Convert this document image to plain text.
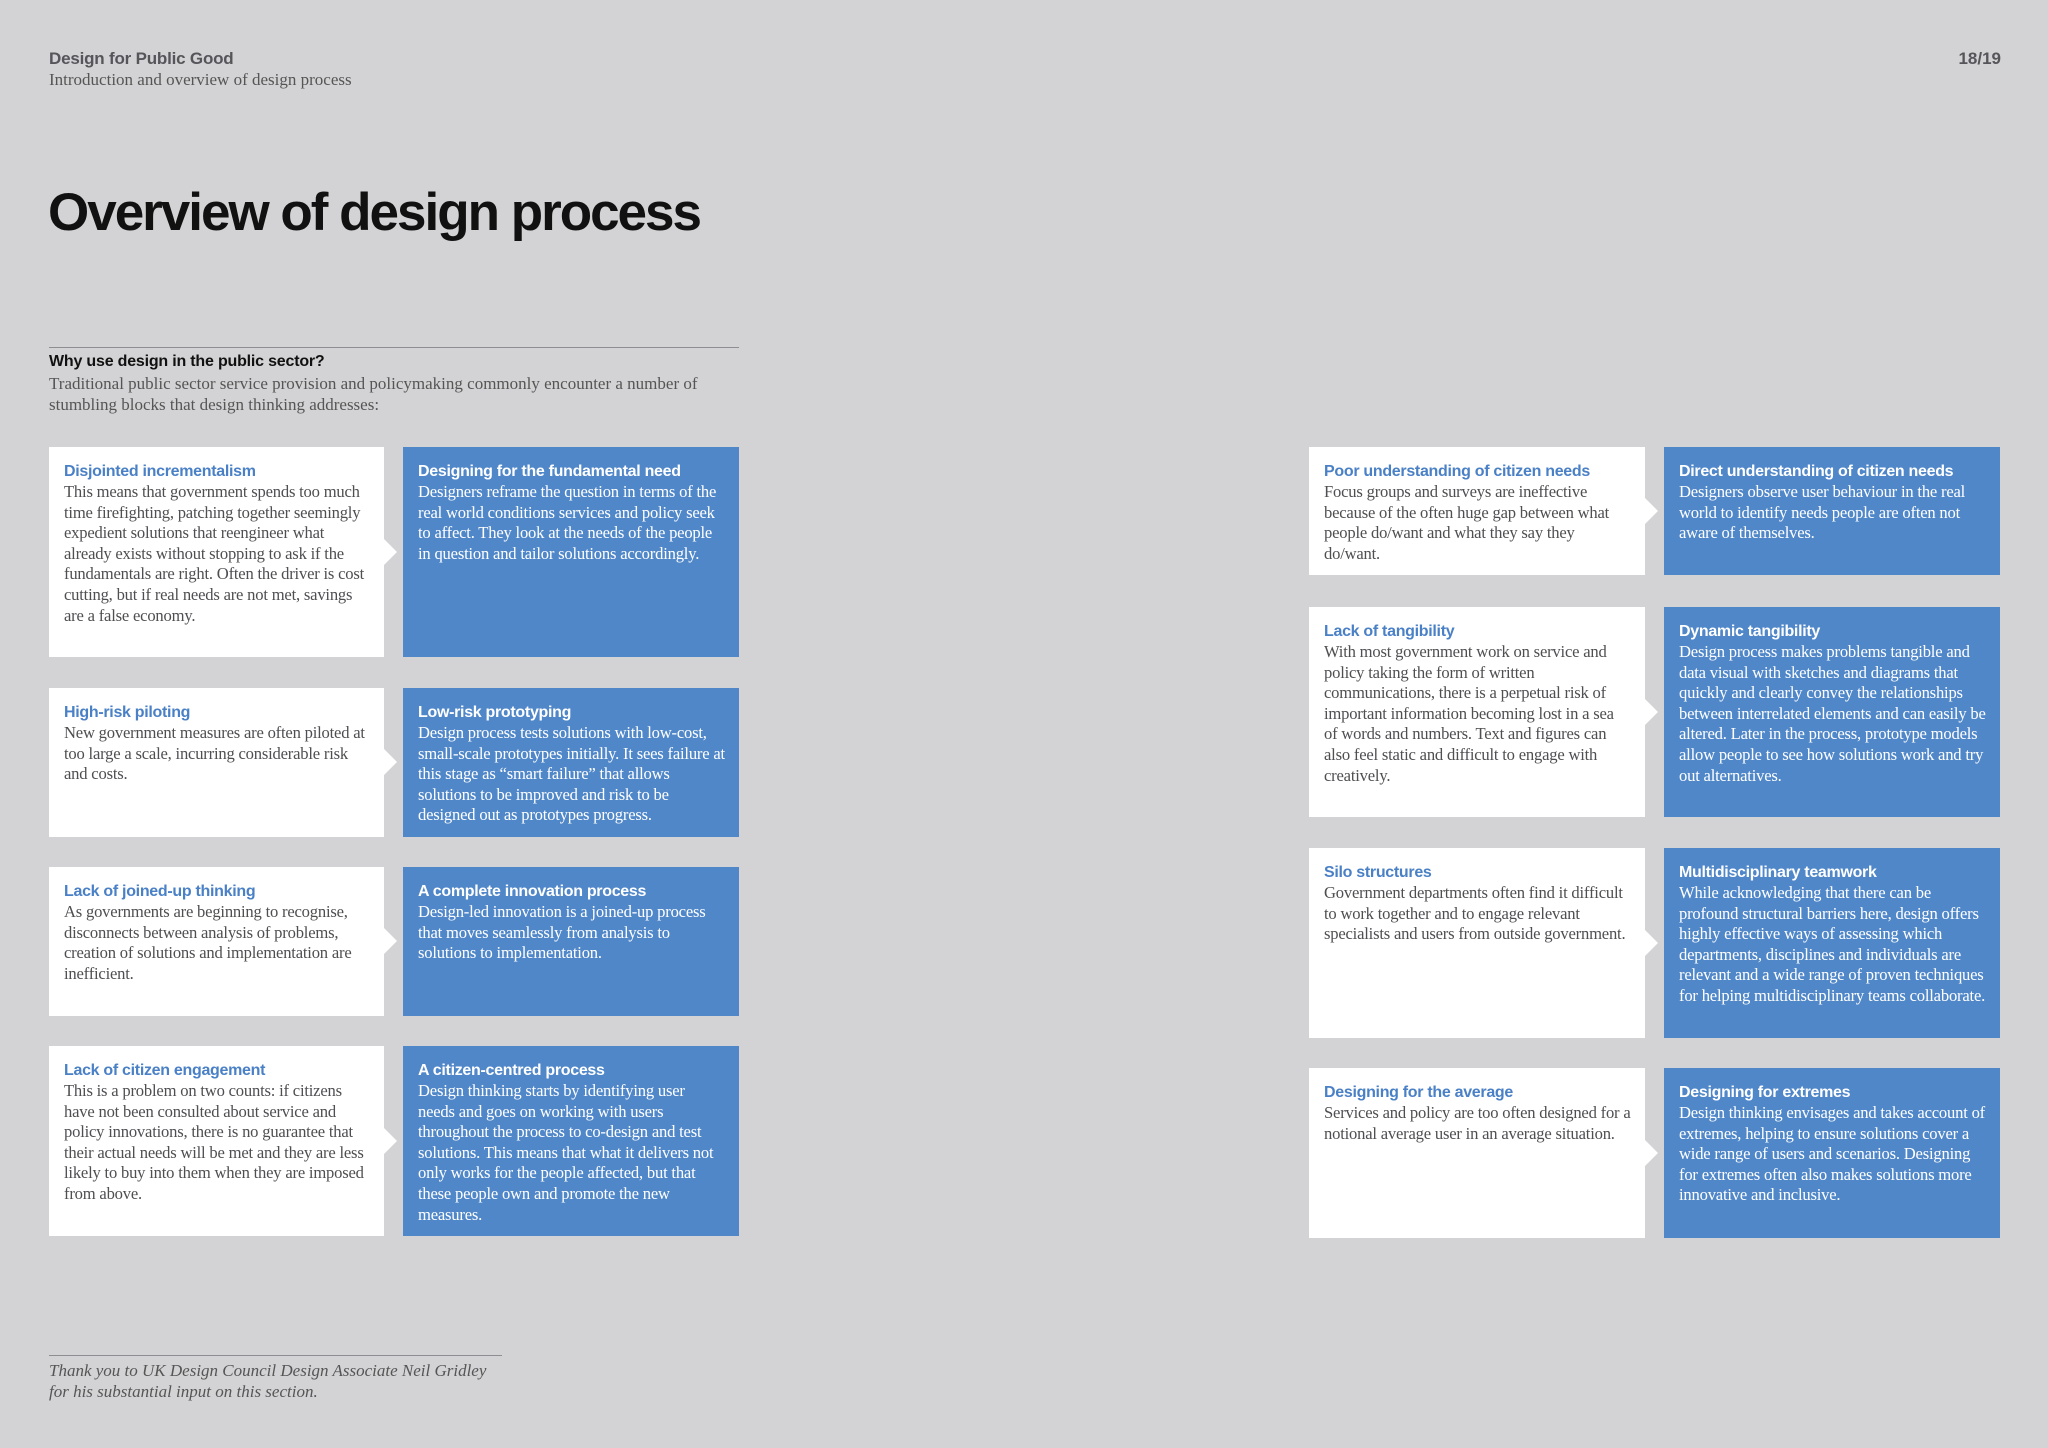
Design for Public Good
Introduction and overview of design process
18/19
Overview of design process
Why use design in the public sector?
Traditional public sector service provision and policymaking commonly encounter a number of stumbling blocks that design thinking addresses:
Disjointed incrementalism
This means that government spends too much time firefighting, patching together seemingly expedient solutions that reengineer what already exists without stopping to ask if the fundamentals are right. Often the driver is cost cutting, but if real needs are not met, savings are a false economy.
Designing for the fundamental need
Designers reframe the question in terms of the real world conditions services and policy seek to affect. They look at the needs of the people in question and tailor solutions accordingly.
High-risk piloting
New government measures are often piloted at too large a scale, incurring considerable risk and costs.
Low-risk prototyping
Design process tests solutions with low-cost, small-scale prototypes initially. It sees failure at this stage as “smart failure” that allows solutions to be improved and risk to be designed out as prototypes progress.
Lack of joined-up thinking
As governments are beginning to recognise, disconnects between analysis of problems, creation of solutions and implementation are inefficient.
A complete innovation process
Design-led innovation is a joined-up process that moves seamlessly from analysis to solutions to implementation.
Lack of citizen engagement
This is a problem on two counts: if citizens have not been consulted about service and policy innovations, there is no guarantee that their actual needs will be met and they are less likely to buy into them when they are imposed from above.
A citizen-centred process
Design thinking starts by identifying user needs and goes on working with users throughout the process to co-design and test solutions. This means that what it delivers not only works for the people affected, but that these people own and promote the new measures.
Poor understanding of citizen needs
Focus groups and surveys are ineffective because of the often huge gap between what people do/want and what they say they do/want.
Direct understanding of citizen needs
Designers observe user behaviour in the real world to identify needs people are often not aware of themselves.
Lack of tangibility
With most government work on service and policy taking the form of written communications, there is a perpetual risk of important information becoming lost in a sea of words and numbers. Text and figures can also feel static and difficult to engage with creatively.
Dynamic tangibility
Design process makes problems tangible and data visual with sketches and diagrams that quickly and clearly convey the relationships between interrelated elements and can easily be altered. Later in the process, prototype models allow people to see how solutions work and try out alternatives.
Silo structures
Government departments often find it difficult to work together and to engage relevant specialists and users from outside government.
Multidisciplinary teamwork
While acknowledging that there can be profound structural barriers here, design offers highly effective ways of assessing which departments, disciplines and individuals are relevant and a wide range of proven techniques for helping multidisciplinary teams collaborate.
Designing for the average
Services and policy are too often designed for a notional average user in an average situation.
Designing for extremes
Design thinking envisages and takes account of extremes, helping to ensure solutions cover a wide range of users and scenarios. Designing for extremes often also makes solutions more innovative and inclusive.
Thank you to UK Design Council Design Associate Neil Gridley for his substantial input on this section.
